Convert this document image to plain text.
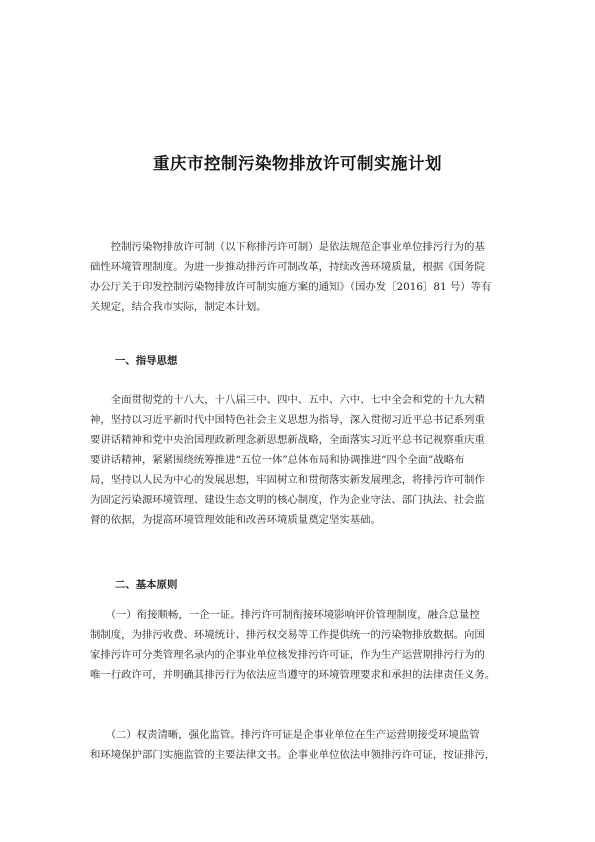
重庆市控制污染物排放许可制实施计划
　　控制污染物排放许可制（以下称排污许可制）是依法规范企事业单位排污行为的基
础性环境管理制度。为进一步推动排污许可制改革，持续改善环境质量，根据《国务院
办公厅关于印发控制污染物排放许可制实施方案的通知》（国办发〔2016〕81 号）等有
关规定，结合我市实际，制定本计划。
一、指导思想
　　全面贯彻党的十八大，十八届三中、四中、五中、六中、七中全会和党的十九大精
神，坚持以习近平新时代中国特色社会主义思想为指导，深入贯彻习近平总书记系列重
要讲话精神和党中央治国理政新理念新思想新战略，全面落实习近平总书记视察重庆重
要讲话精神，紧紧围绕统筹推进“五位一体”总体布局和协调推进“四个全面”战略布
局，坚持以人民为中心的发展思想，牢固树立和贯彻落实新发展理念，将排污许可制作
为固定污染源环境管理、建设生态文明的核心制度，作为企业守法、部门执法、社会监
督的依据，为提高环境管理效能和改善环境质量奠定坚实基础。
二、基本原则
　　（一）衔接顺畅，一企一证。排污许可制衔接环境影响评价管理制度，融合总量控
制制度，为排污收费、环境统计、排污权交易等工作提供统一的污染物排放数据。向国
家排污许可分类管理名录内的企事业单位核发排污许可证，作为生产运营期排污行为的
唯一行政许可，并明确其排污行为依法应当遵守的环境管理要求和承担的法律责任义务。
　　（二）权责清晰，强化监管。排污许可证是企事业单位在生产运营期接受环境监管
和环境保护部门实施监管的主要法律文书。企事业单位依法申领排污许可证，按证排污，
